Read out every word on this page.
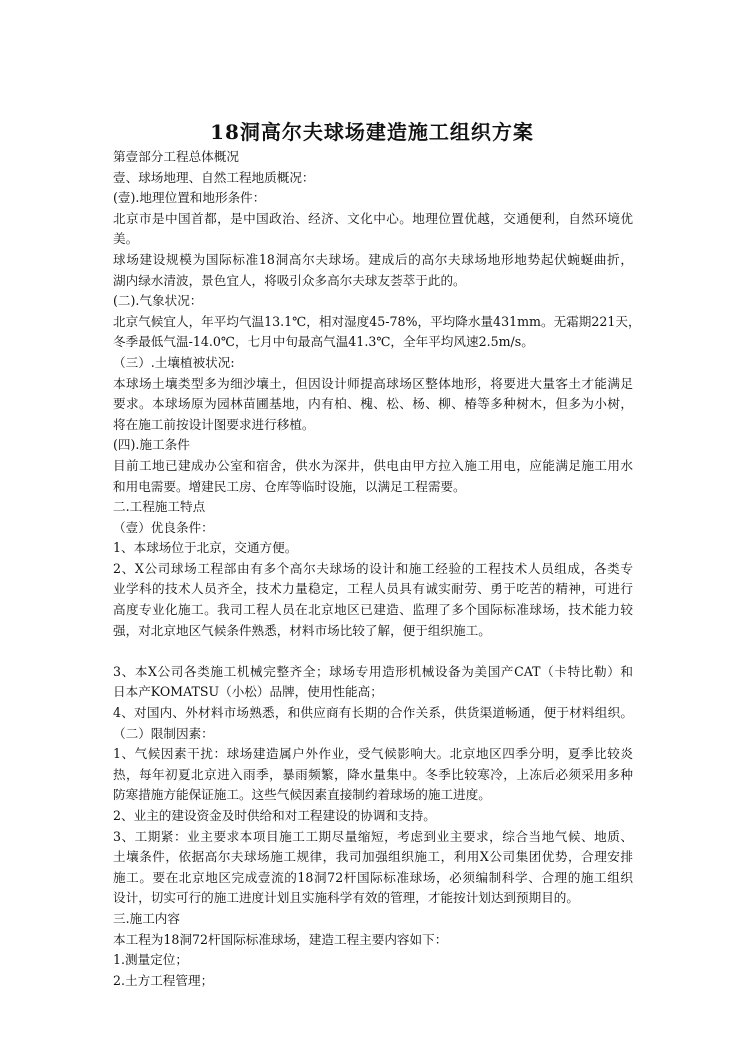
18洞高尔夫球场建造施工组织方案
第壹部分工程总体概况
壹、球场地理、自然工程地质概况：
(壹).地理位置和地形条件：
北京市是中国首都，是中国政治、经济、文化中心。地理位置优越，交通便利，自然环境优
美。
球场建设规模为国际标准18洞高尔夫球场。建成后的高尔夫球场地形地势起伏蜿蜒曲折，
湖内绿水清波，景色宜人，将吸引众多高尔夫球友荟萃于此的。
(二).气象状况：
北京气候宜人，年平均气温13.1℃，相对湿度45-78%，平均降水量431mm。无霜期221天，
冬季最低气温-14.0℃，七月中旬最高气温41.3℃，全年平均风速2.5m/s。
（三）.土壤植被状况:
本球场土壤类型多为细沙壤土，但因设计师提高球场区整体地形，将要进大量客土才能满足
要求。本球场原为园林苗圃基地，内有柏、槐、松、杨、柳、椿等多种树木，但多为小树，
将在施工前按设计图要求进行移植。
(四).施工条件
目前工地已建成办公室和宿舍，供水为深井，供电由甲方拉入施工用电，应能满足施工用水
和用电需要。增建民工房、仓库等临时设施，以满足工程需要。
二.工程施工特点
（壹）优良条件：
1、本球场位于北京，交通方便。
2、X公司球场工程部由有多个高尔夫球场的设计和施工经验的工程技术人员组成，各类专
业学科的技术人员齐全，技术力量稳定，工程人员具有诚实耐劳、勇于吃苦的精神，可进行
高度专业化施工。我司工程人员在北京地区已建造、监理了多个国际标准球场，技术能力较
强，对北京地区气候条件熟悉，材料市场比较了解，便于组织施工。
3、本X公司各类施工机械完整齐全；球场专用造形机械设备为美国产CAT（卡特比勒）和
日本产KOMATSU（小松）品牌，使用性能高；
4、对国内、外材料市场熟悉，和供应商有长期的合作关系，供货渠道畅通，便于材料组织。
（二）限制因素：
1、气候因素干扰：球场建造属户外作业，受气候影响大。北京地区四季分明，夏季比较炎
热，每年初夏北京进入雨季，暴雨频繁，降水量集中。冬季比较寒冷，上冻后必须采用多种
防寒措施方能保证施工。这些气候因素直接制约着球场的施工进度。
2、业主的建设资金及时供给和对工程建设的协调和支持。
3、工期紧：业主要求本项目施工工期尽量缩短，考虑到业主要求，综合当地气候、地质、
土壤条件，依据高尔夫球场施工规律，我司加强组织施工，利用X公司集团优势，合理安排
施工。要在北京地区完成壹流的18洞72杆国际标准球场，必须编制科学、合理的施工组织
设计，切实可行的施工进度计划且实施科学有效的管理，才能按计划达到预期目的。
三.施工内容
本工程为18洞72杆国际标准球场，建造工程主要内容如下：
1.测量定位；
2.土方工程管理；
